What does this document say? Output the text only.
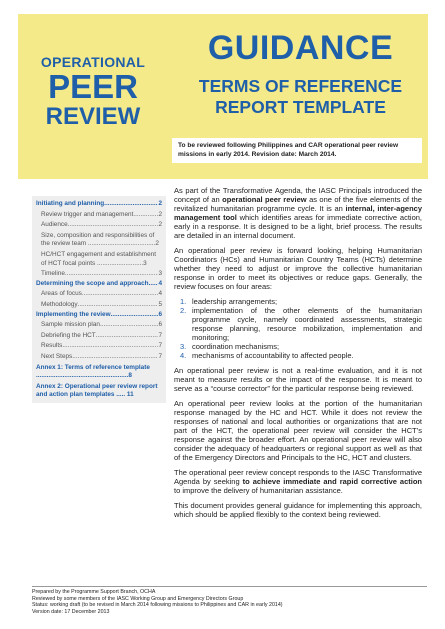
OPERATIONAL
PEER
REVIEW
GUIDANCE
TERMS OF REFERENCE
REPORT TEMPLATE
To be reviewed following Philippines and CAR operational peer review missions in early 2014. Revision date: March 2014.
Initiating and planning .....	2
Review trigger and management .....	2
Audience .....	2
Size, composition and responsibilities of the review team ......................................2
HC/HCT engagement and establishment of HCT focal points ..........................3
Timeline .....	3
Determining the scope and approach ..... 4
Areas of focus .....	4
Methodology .....	5
Implementing the review .....	6
Sample mission plan .....	6
Debriefing the HCT .....	7
Results .....	7
Next Steps .....	7
Annex 1: Terms of reference template ....................................................8
Annex 2: Operational peer review report and action plan templates ..... 11

As part of the Transformative Agenda, the IASC Principals introduced the concept of an operational peer review as one of the five elements of the revitalized humanitarian programme cycle. It is an internal, inter-agency management tool which identifies areas for immediate corrective action, early in a response. It is designed to be a light, brief process. The results are detailed in an internal document.

An operational peer review is forward looking, helping Humanitarian Coordinators (HCs) and Humanitarian Country Teams (HCTs) determine whether they need to adjust or improve the collective humanitarian response in order to meet its objectives or reduce gaps. Generally, the review focuses on four areas:

1. leadership arrangements;
2. implementation of the other elements of the humanitarian programme cycle, namely coordinated assessments, strategic response planning, resource mobilization, implementation and monitoring;
3. coordination mechanisms;
4. mechanisms of accountability to affected people.

An operational peer review is not a real-time evaluation, and it is not meant to measure results or the impact of the response. It is meant to serve as a “course corrector” for the particular response being reviewed.

An operational peer review looks at the portion of the humanitarian response managed by the HC and HCT. While it does not review the responses of national and local authorities or organizations that are not part of the HCT, the operational peer review will consider the HCT’s response against the broader effort. An operational peer review will also consider the adequacy of headquarters or regional support as well as that of the Emergency Directors and Principals to the HC, HCT and clusters.

The operational peer review concept responds to the IASC Transformative Agenda by seeking to achieve immediate and rapid corrective action to improve the delivery of humanitarian assistance.

This document provides general guidance for implementing this approach, which should be applied flexibly to the context being reviewed.

Prepared by the Programme Support Branch, OCHA
Reviewed by some members of the IASC Working Group and Emergency Directors Group
Status: working draft (to be revised in March 2014 following missions to Philippines and CAR in early 2014)
Version date: 17 December 2013
